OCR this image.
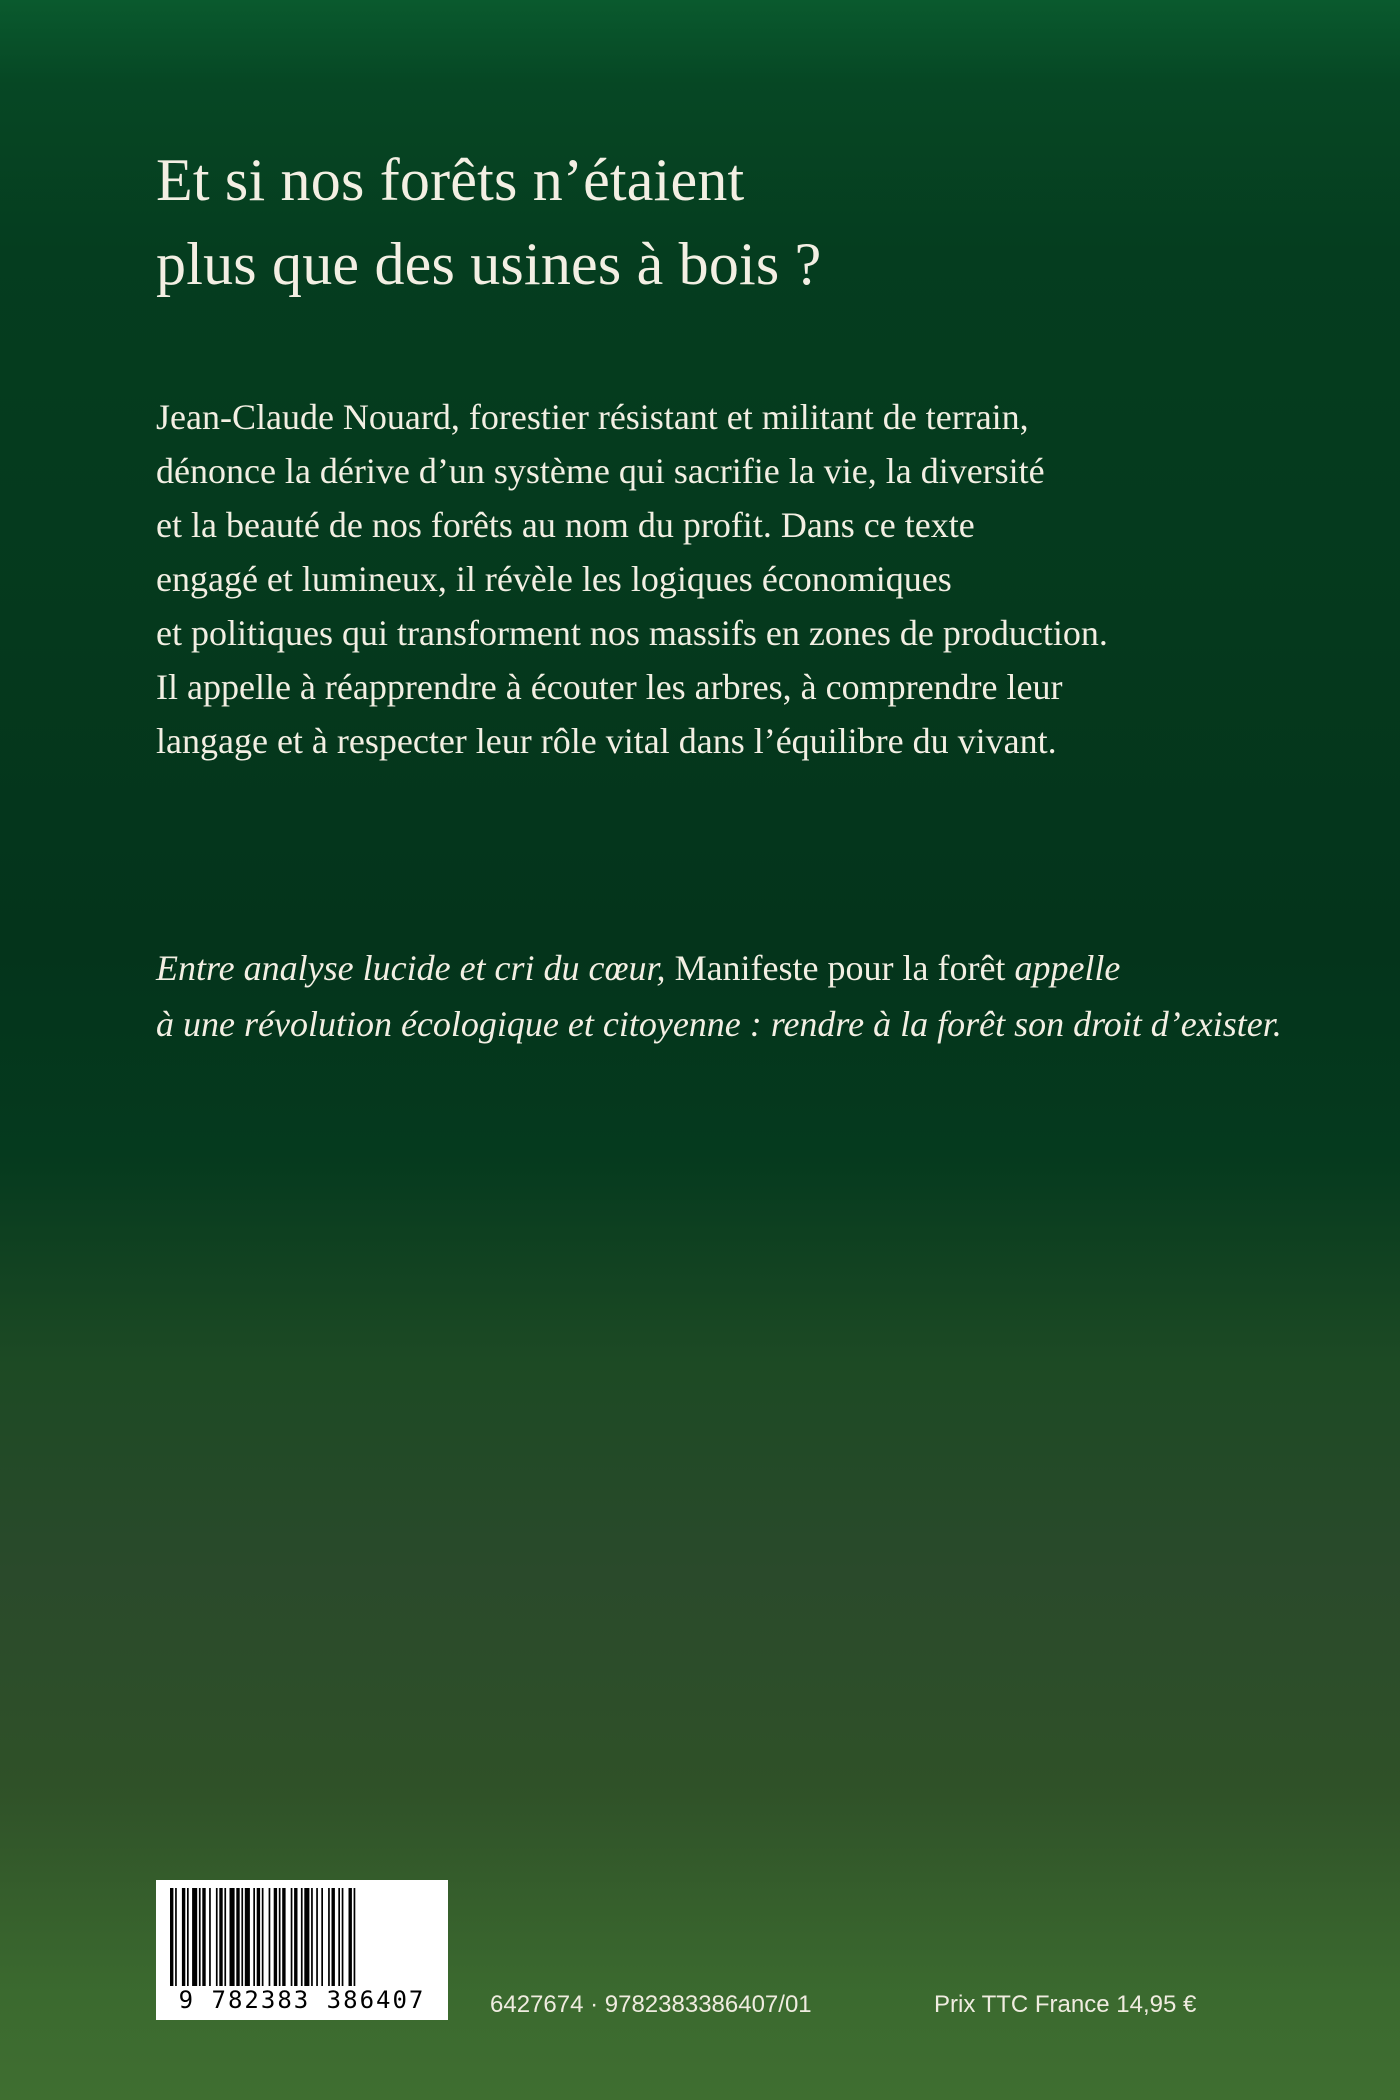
Et si nos forêts n’étaient
plus que des usines à bois ?

Jean-Claude Nouard, forestier résistant et militant de terrain,
dénonce la dérive d’un système qui sacrifie la vie, la diversité
et la beauté de nos forêts au nom du profit. Dans ce texte
engagé et lumineux, il révèle les logiques économiques
et politiques qui transforment nos massifs en zones de production.
Il appelle à réapprendre à écouter les arbres, à comprendre leur
langage et à respecter leur rôle vital dans l’équilibre du vivant.

Entre analyse lucide et cri du cœur, Manifeste pour la forêt appelle
à une révolution écologique et citoyenne : rendre à la forêt son droit d’exister.

9 782383 386407	6427674 · 9782383386407/01	Prix TTC France 14,95 €
